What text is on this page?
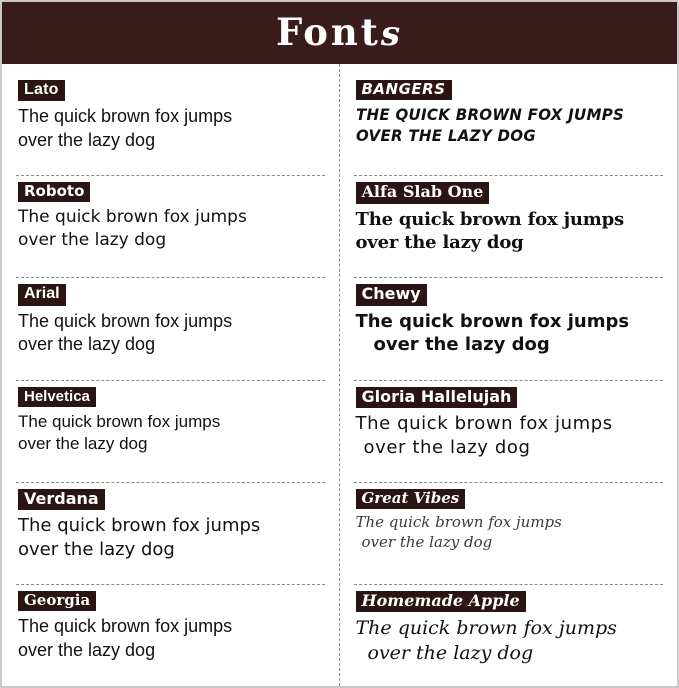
Fonts
Lato
The quick brown fox jumps
over the lazy dog
Roboto
The quick brown fox jumps
over the lazy dog
Arial
The quick brown fox jumps
over the lazy dog
Helvetica
The quick brown fox jumps
over the lazy dog
Verdana
The quick brown fox jumps
over the lazy dog
Georgia
The quick brown fox jumps
over the lazy dog
BANGERS
THE QUICK BROWN FOX JUMPS
OVER THE LAZY DOG
Alfa Slab One
The quick brown fox jumps
over the lazy dog
Chewy
The quick brown fox jumps
over the lazy dog
Gloria Hallelujah
The quick brown fox jumps
over the lazy dog
Great Vibes
The quick brown fox jumps
over the lazy dog
Homemade Apple
The quick brown fox jumps
over the lazy dog
